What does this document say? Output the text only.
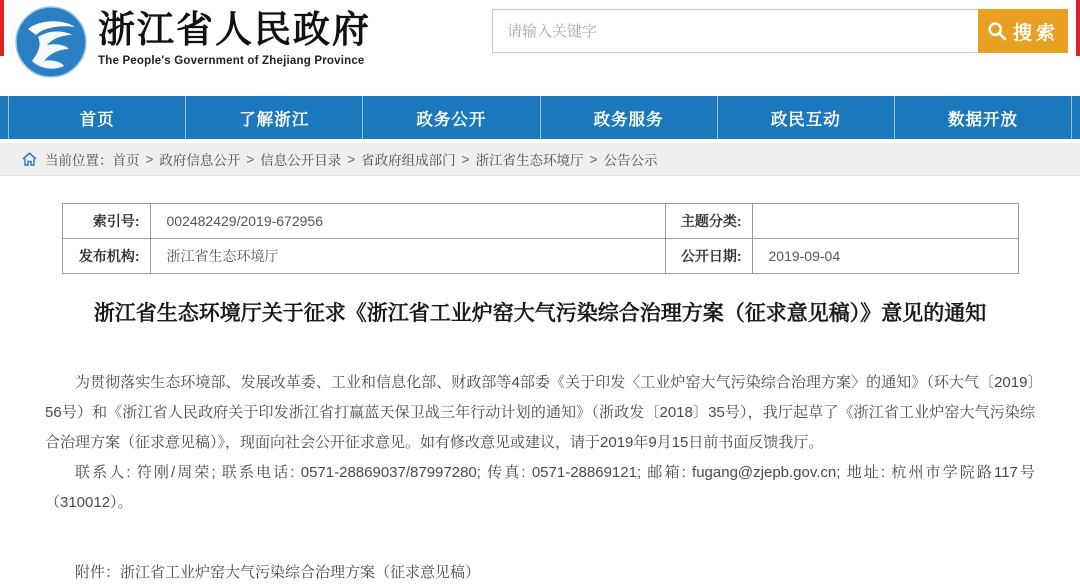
浙江省人民政府
The People's Government of Zhejiang Province
请输入关键字
搜索
首页	了解浙江	政务公开	政务服务	政民互动	数据开放
当前位置： 首页 > 政府信息公开 > 信息公开目录 > 省政府组成部门 > 浙江省生态环境厅 > 公告公示
索引号:	002482429/2019-672956	主题分类:	
发布机构:	浙江省生态环境厅	公开日期:	2019-09-04
浙江省生态环境厅关于征求《浙江省工业炉窑大气污染综合治理方案（征求意见稿）》意见的通知

为贯彻落实生态环境部、发展改革委、工业和信息化部、财政部等4部委《关于印发〈工业炉窑大气污染综合治理方案〉的通知》（环大气〔2019〕56号）和《浙江省人民政府关于印发浙江省打赢蓝天保卫战三年行动计划的通知》（浙政发〔2018〕35号），我厅起草了《浙江省工业炉窑大气污染综合治理方案（征求意见稿）》，现面向社会公开征求意见。如有修改意见或建议，请于2019年9月15日前书面反馈我厅。

联系人: 符刚/周荣; 联系电话: 0571-28869037/87997280; 传真: 0571-28869121; 邮箱: fugang@zjepb.gov.cn; 地址: 杭州市学院路117号（310012）。

附件：浙江省工业炉窑大气污染综合治理方案（征求意见稿）
